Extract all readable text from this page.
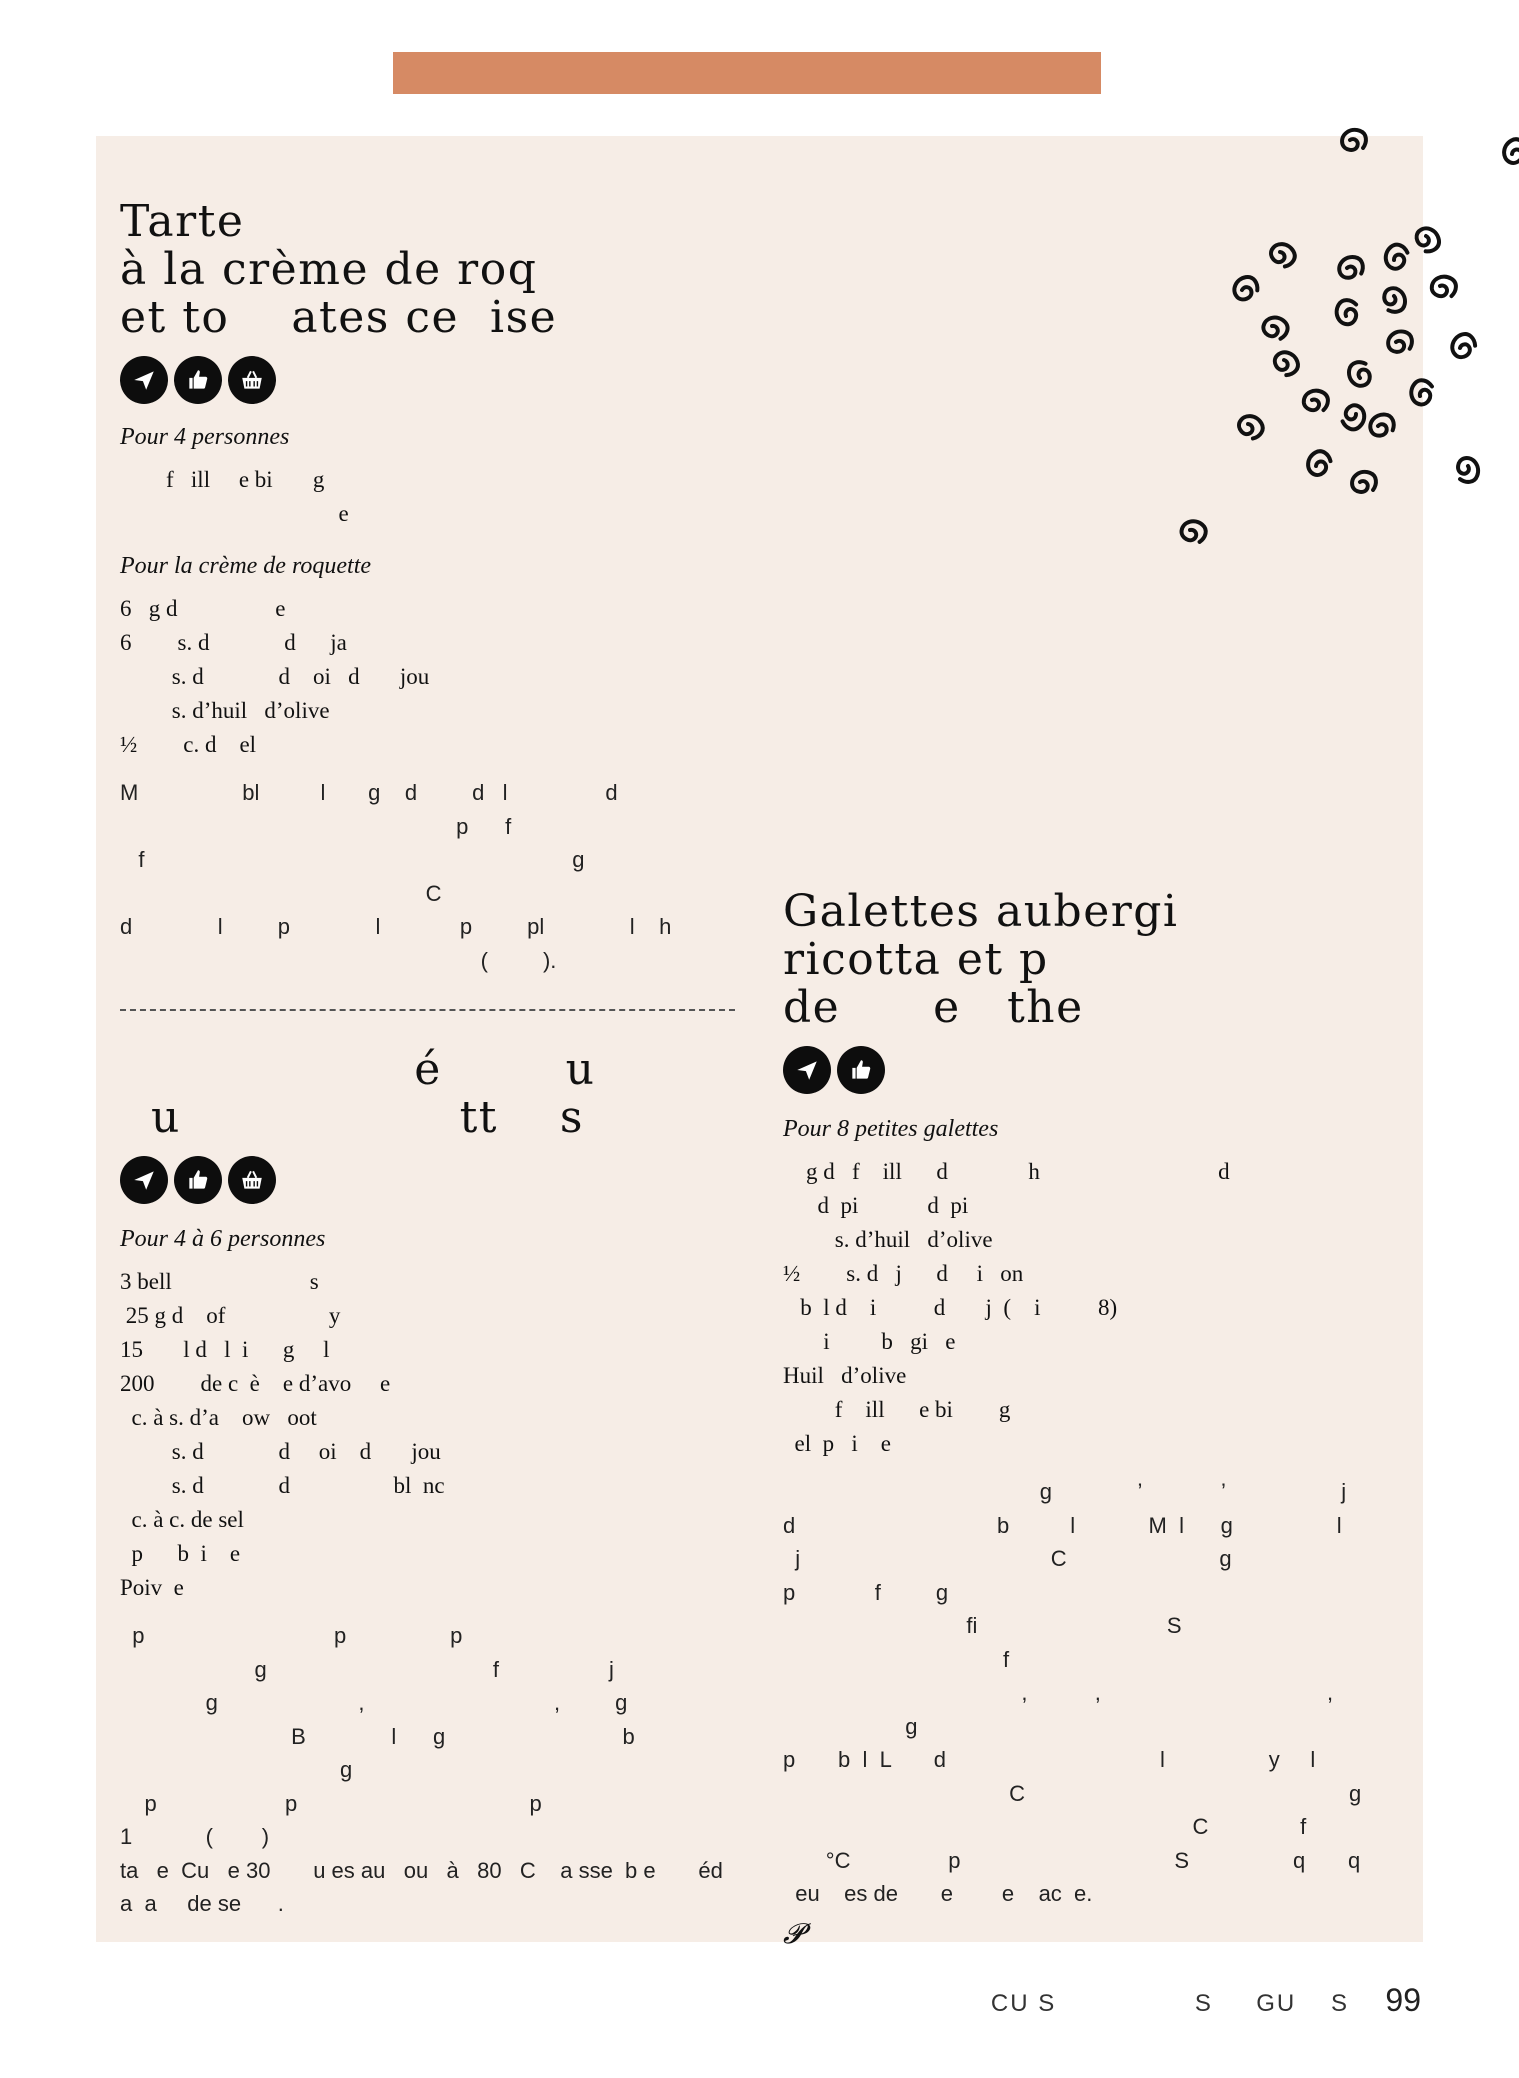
Tarte
à la crème de roq
et to    ates ce  ise
Pour 4 personnes
f   ill     e bi       g
e
Pour la crème de roquette
6   g d                 e
6        s. d             d      ja
s. d             d    oi   d       jou
s. d’huil   d’olive
½        c. d    el
M                 bl          l       g    d         d   l                d
p      f
f                                                                      g
C
d              l         p              l             p         pl              l    h
(         ).
é        u
u                  tt    s
Pour 4 à 6 personnes
3 bell                        s
25 g d    of                  y
15       l d   l  i      g     l
200        de c  è    e d’avo     e
c. à s. d’a    ow   oot
s. d             d     oi    d       jou
s. d             d                  bl  nc
c. à c. de sel
p      b  i    e
Poiv  e
p                               p                 p
g                                     f                  j
g                       ,                               ,         g
B              l      g                             b
g
p                     p                                      p
1            (        )
ta   e  Cu   e 30       u es au   ou   à   80   C    a sse  b e       éd
a  a     de se      .
Galettes aubergi
ricotta et p
de      e   the
Pour 8 petites galettes
g d   f    ill      d              h                               d
d  pi            d  pi
s. d’huil   d’olive
½        s. d   j      d     i   on
b  l d    i          d       j  (    i          8)
i         b   gi   e
Huil   d’olive
f    ill      e bi        g
el  p   i    e
g              ’             ’                   j
d                                 b          l            M  l      g                 l
j                                         C                         g
p             f         g
fi                               S
f
,           ,                                     ,
g
p       b  l  L       d                                   l                 y     l
C                                                     g
C               f
°C                p                                   S                 q       q
eu    es de       e        e    ac  e.
𝓟
CU S                S     GU    S 99
